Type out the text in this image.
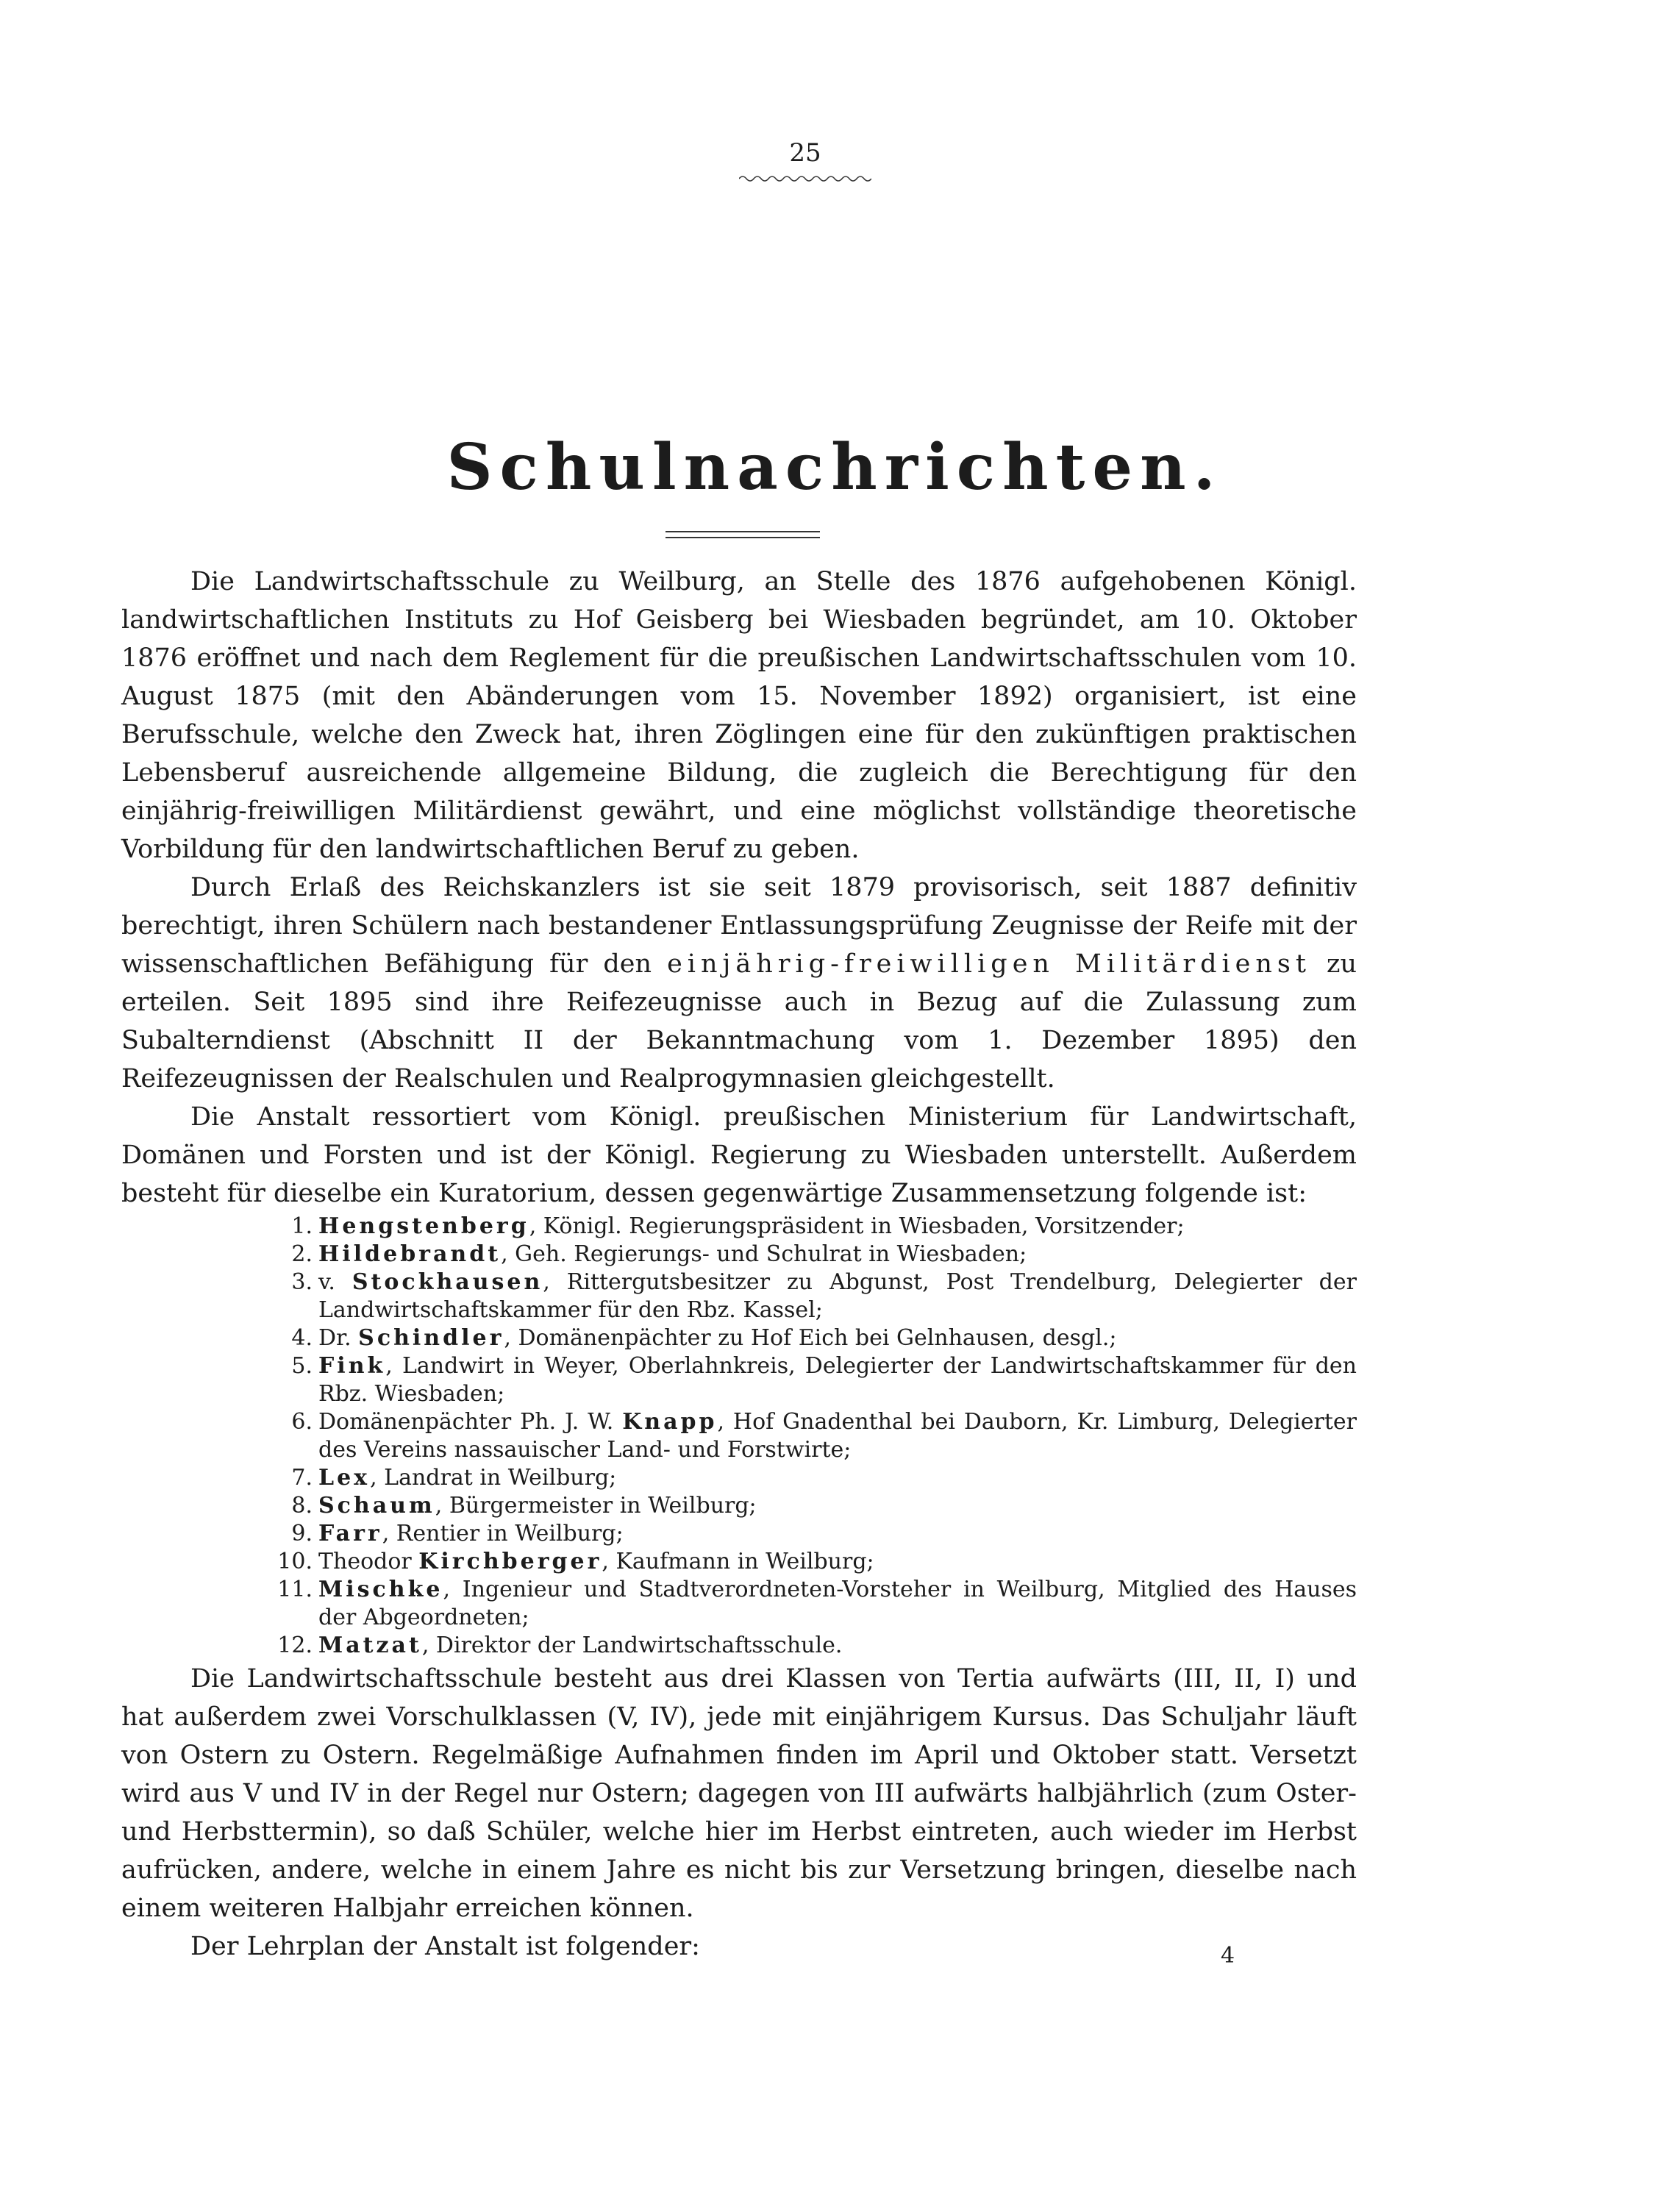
25
Schulnachrichten.

Die Landwirtschaftsschule zu Weilburg, an Stelle des 1876 aufgehobenen Königl. landwirtschaftlichen Instituts zu Hof Geisberg bei Wiesbaden begründet, am 10. Oktober 1876 eröffnet und nach dem Reglement für die preußischen Landwirtschaftsschulen vom 10. August 1875 (mit den Abänderungen vom 15. November 1892) organisiert, ist eine Berufsschule, welche den Zweck hat, ihren Zöglingen eine für den zukünftigen praktischen Lebensberuf ausreichende allgemeine Bildung, die zugleich die Berechtigung für den einjährig-freiwilligen Militärdienst gewährt, und eine möglichst vollständige theoretische Vorbildung für den landwirtschaftlichen Beruf zu geben.

Durch Erlaß des Reichskanzlers ist sie seit 1879 provisorisch, seit 1887 definitiv berechtigt, ihren Schülern nach bestandener Entlassungsprüfung Zeugnisse der Reife mit der wissenschaftlichen Befähigung für den einjährig-freiwilligen Militärdienst zu erteilen. Seit 1895 sind ihre Reifezeugnisse auch in Bezug auf die Zulassung zum Subalterndienst (Abschnitt II der Bekanntmachung vom 1. Dezember 1895) den Reifezeugnissen der Realschulen und Realprogymnasien gleichgestellt.

Die Anstalt ressortiert vom Königl. preußischen Ministerium für Landwirtschaft, Domänen und Forsten und ist der Königl. Regierung zu Wiesbaden unterstellt. Außerdem besteht für dieselbe ein Kuratorium, dessen gegenwärtige Zusammensetzung folgende ist:

1. Hengstenberg, Königl. Regierungspräsident in Wiesbaden, Vorsitzender;
2. Hildebrandt, Geh. Regierungs- und Schulrat in Wiesbaden;
3. v. Stockhausen, Rittergutsbesitzer zu Abgunst, Post Trendelburg, Delegierter der Landwirtschaftskammer für den Rbz. Kassel;
4. Dr. Schindler, Domänenpächter zu Hof Eich bei Gelnhausen, desgl.;
5. Fink, Landwirt in Weyer, Oberlahnkreis, Delegierter der Landwirtschaftskammer für den Rbz. Wiesbaden;
6. Domänenpächter Ph. J. W. Knapp, Hof Gnadenthal bei Dauborn, Kr. Limburg, Delegierter des Vereins nassauischer Land- und Forstwirte;
7. Lex, Landrat in Weilburg;
8. Schaum, Bürgermeister in Weilburg;
9. Farr, Rentier in Weilburg;
10. Theodor Kirchberger, Kaufmann in Weilburg;
11. Mischke, Ingenieur und Stadtverordneten-Vorsteher in Weilburg, Mitglied des Hauses der Abgeordneten;
12. Matzat, Direktor der Landwirtschaftsschule.

Die Landwirtschaftsschule besteht aus drei Klassen von Tertia aufwärts (III, II, I) und hat außerdem zwei Vorschulklassen (V, IV), jede mit einjährigem Kursus. Das Schuljahr läuft von Ostern zu Ostern. Regelmäßige Aufnahmen finden im April und Oktober statt. Versetzt wird aus V und IV in der Regel nur Ostern; dagegen von III aufwärts halbjährlich (zum Oster- und Herbsttermin), so daß Schüler, welche hier im Herbst eintreten, auch wieder im Herbst aufrücken, andere, welche in einem Jahre es nicht bis zur Versetzung bringen, dieselbe nach einem weiteren Halbjahr erreichen können.

Der Lehrplan der Anstalt ist folgender:	4
